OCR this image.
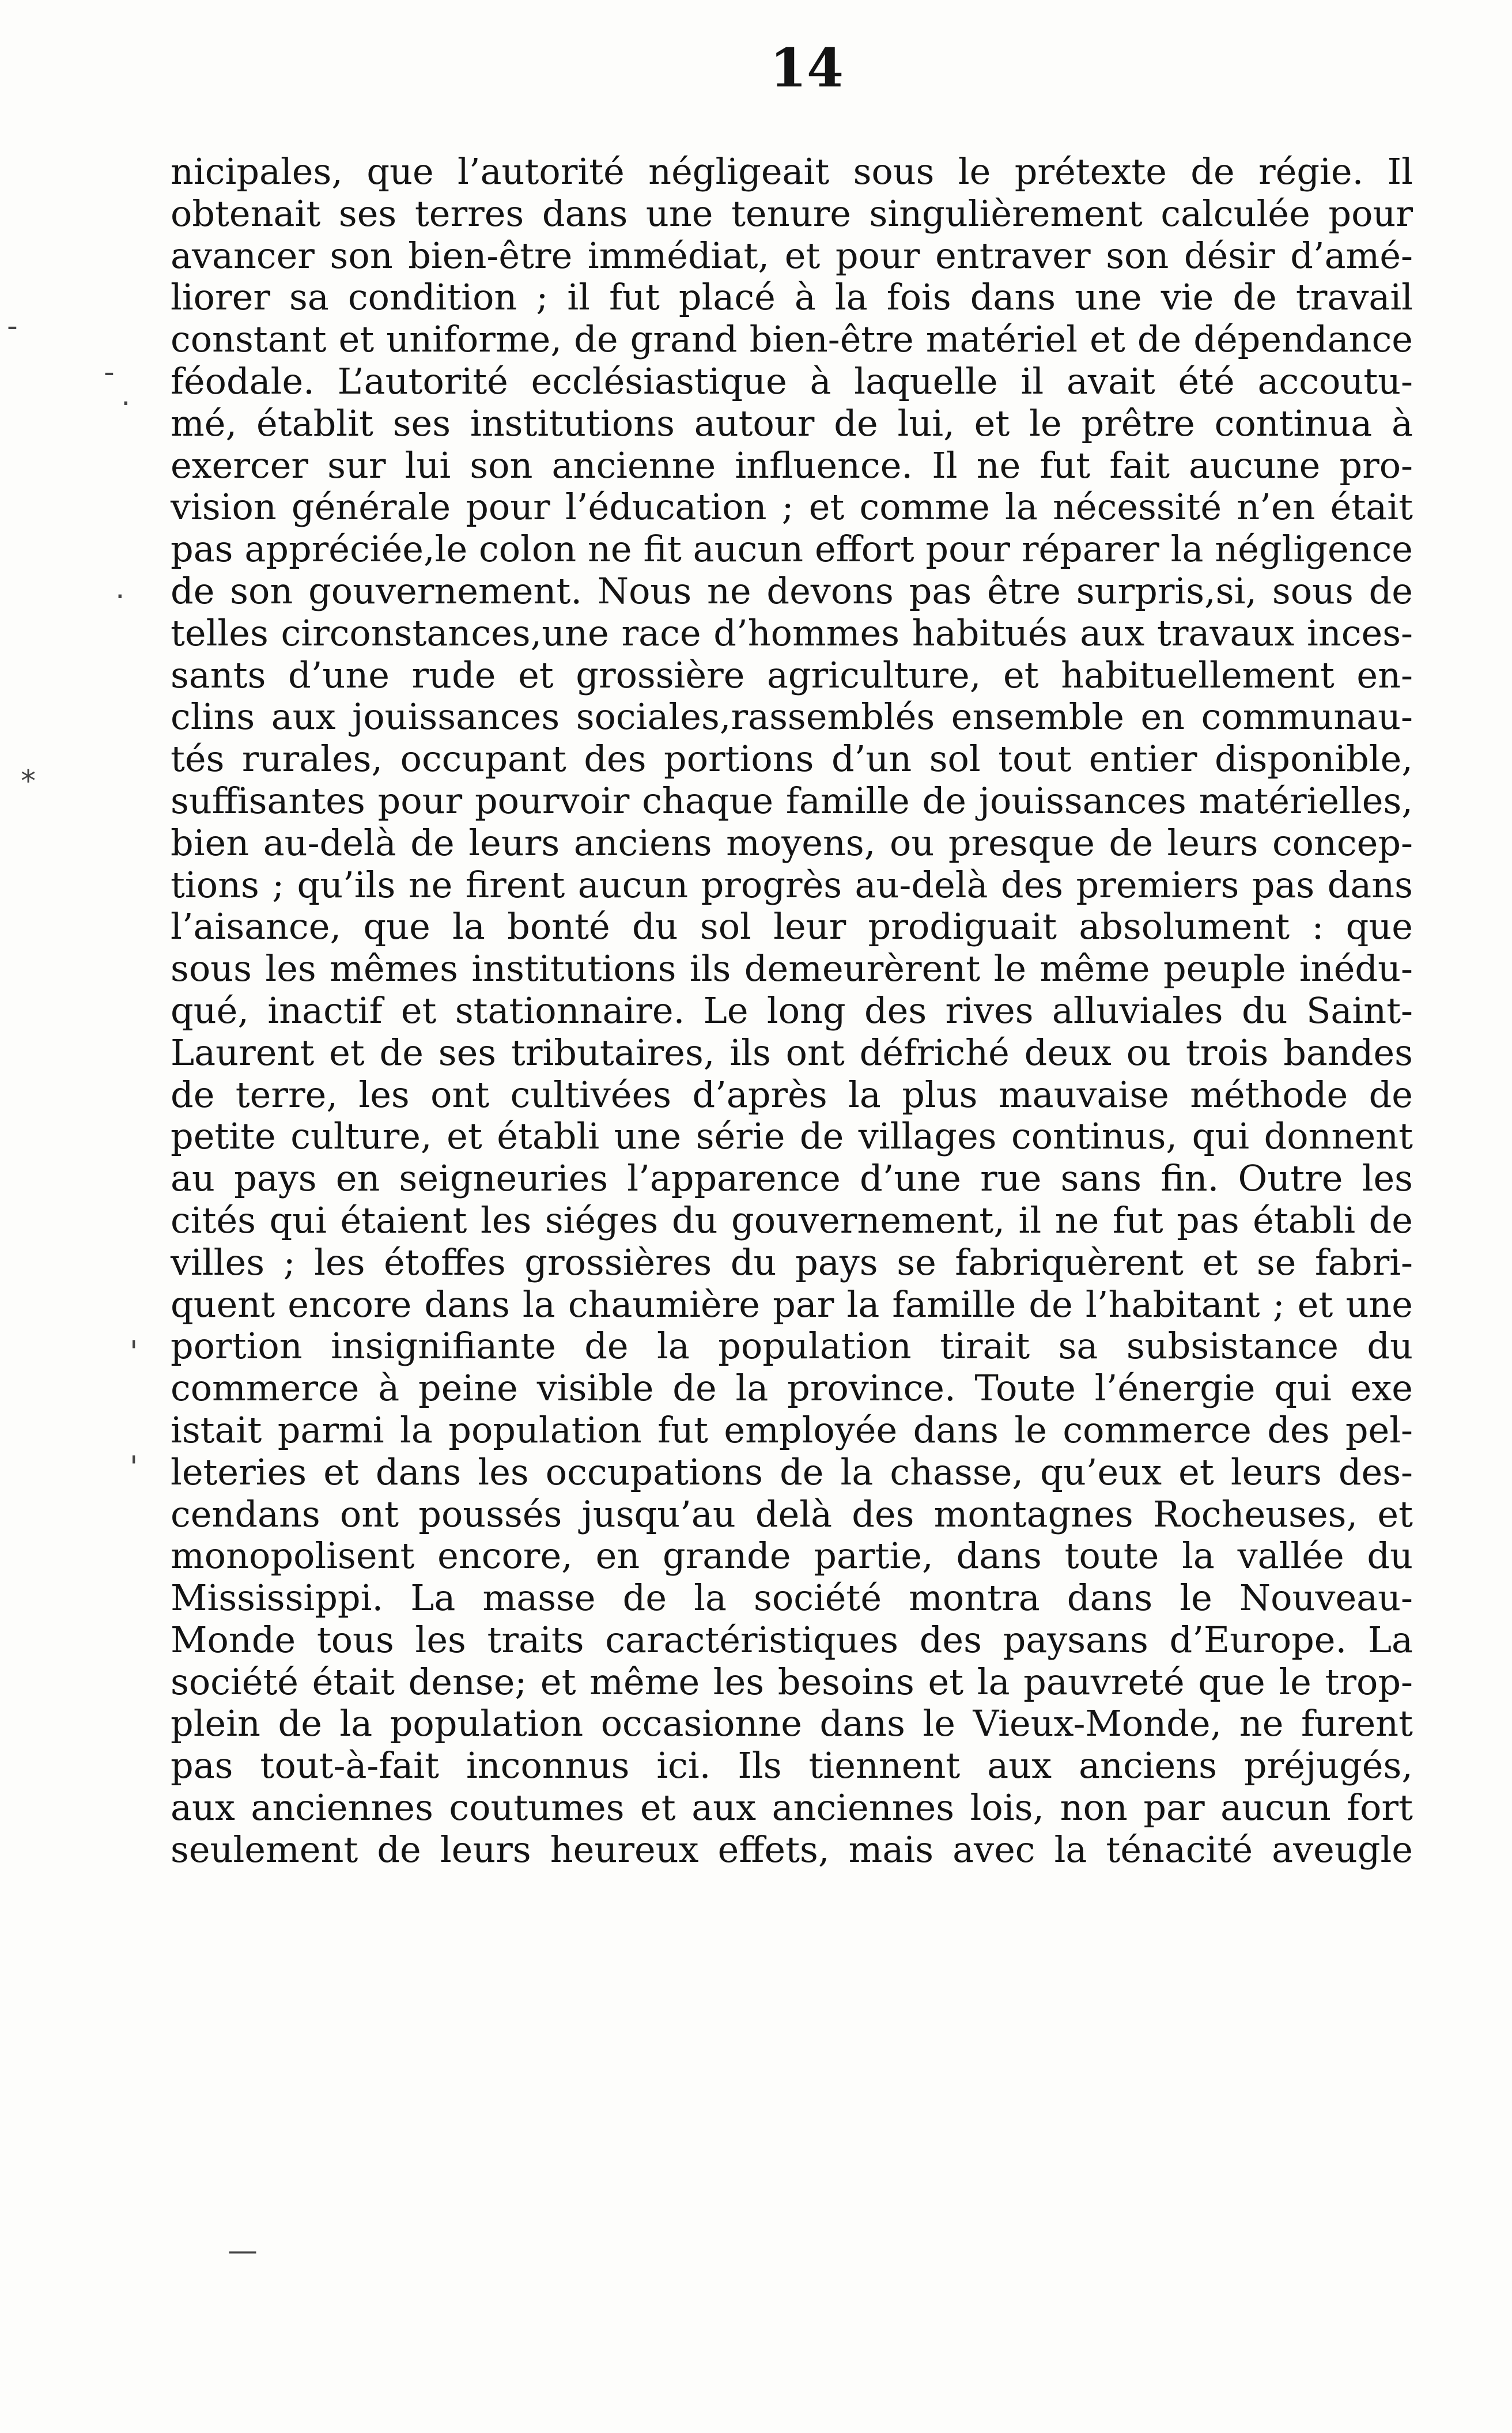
14

nicipales, que l’autorité négligeait sous le prétexte de régie. Il
obtenait ses terres dans une tenure singulièrement calculée pour
avancer son bien-être immédiat, et pour entraver son désir d’amé-
liorer sa condition ; il fut placé à la fois dans une vie de travail
constant et uniforme, de grand bien-être matériel et de dépendance
féodale. L’autorité ecclésiastique à laquelle il avait été accoutu-
mé, établit ses institutions autour de lui, et le prêtre continua à
exercer sur lui son ancienne influence. Il ne fut fait aucune pro-
vision générale pour l’éducation ; et comme la nécessité n’en était
pas appréciée,le colon ne fit aucun effort pour réparer la négligence
de son gouvernement. Nous ne devons pas être surpris,si, sous de
telles circonstances,une race d’hommes habitués aux travaux inces-
sants d’une rude et grossière agriculture, et habituellement en-
clins aux jouissances sociales,rassemblés ensemble en communau-
tés rurales, occupant des portions d’un sol tout entier disponible,
suffisantes pour pourvoir chaque famille de jouissances matérielles,
bien au-delà de leurs anciens moyens, ou presque de leurs concep-
tions ; qu’ils ne firent aucun progrès au-delà des premiers pas dans
l’aisance, que la bonté du sol leur prodiguait absolument : que
sous les mêmes institutions ils demeurèrent le même peuple inédu-
qué, inactif et stationnaire. Le long des rives alluviales du Saint-
Laurent et de ses tributaires, ils ont défriché deux ou trois bandes
de terre, les ont cultivées d’après la plus mauvaise méthode de
petite culture, et établi une série de villages continus, qui donnent
au pays en seigneuries l’apparence d’une rue sans fin. Outre les
cités qui étaient les siéges du gouvernement, il ne fut pas établi de
villes ; les étoffes grossières du pays se fabriquèrent et se fabri-
quent encore dans la chaumière par la famille de l’habitant ; et une
portion insignifiante de la population tirait sa subsistance du
commerce à peine visible de la province. Toute l’énergie qui exe
istait parmi la population fut employée dans le commerce des pel-
leteries et dans les occupations de la chasse, qu’eux et leurs des-
cendans ont poussés jusqu’au delà des montagnes Rocheuses, et
monopolisent encore, en grande partie, dans toute la vallée du
Mississippi. La masse de la société montra dans le Nouveau-
Monde tous les traits caractéristiques des paysans d’Europe. La
société était dense; et même les besoins et la pauvreté que le trop-
plein de la population occasionne dans le Vieux-Monde, ne furent
pas tout-à-fait inconnus ici. Ils tiennent aux anciens préjugés,
aux anciennes coutumes et aux anciennes lois, non par aucun fort
seulement de leurs heureux effets, mais avec la ténacité aveugle

-
-
.
·
*
'
'
—
